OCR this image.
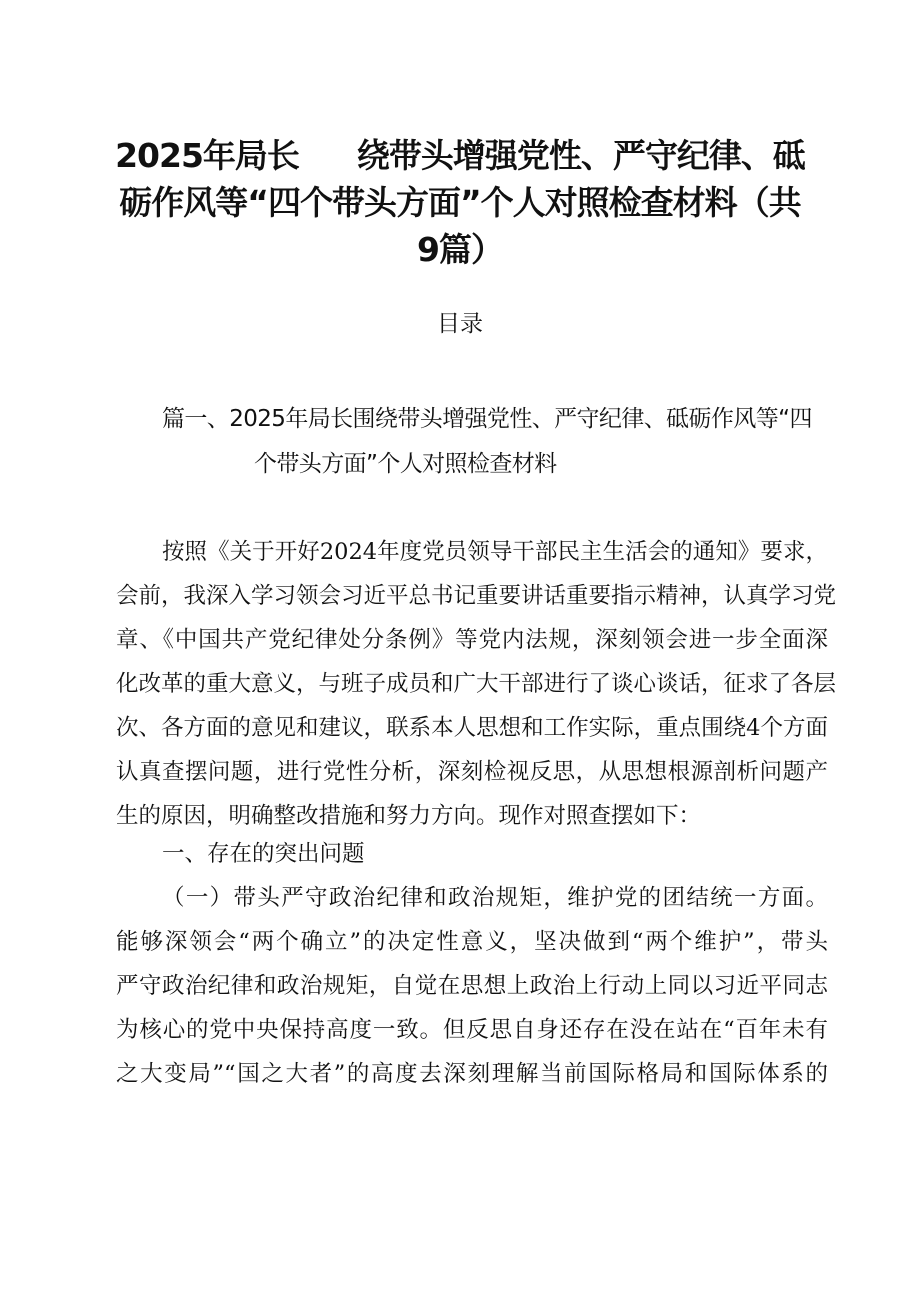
2025年局长 绕带头增强党性、严守纪律、砥
砺作风等“四个带头方面”个人对照检查材料（共
9篇）
目录
篇一、2025年局长围绕带头增强党性、严守纪律、砥砺作风等“四
个带头方面”个人对照检查材料
按照《关于开好2024年度党员领导干部民主生活会的通知》要求，
会前，我深入学习领会习近平总书记重要讲话重要指示精神，认真学习党
章、《中国共产党纪律处分条例》等党内法规，深刻领会进一步全面深
化改革的重大意义，与班子成员和广大干部进行了谈心谈话，征求了各层
次、各方面的意见和建议，联系本人思想和工作实际，重点围绕4个方面
认真查摆问题，进行党性分析，深刻检视反思，从思想根源剖析问题产
生的原因，明确整改措施和努力方向。现作对照查摆如下：
一、存在的突出问题
（一）带头严守政治纪律和政治规矩，维护党的团结统一方面。
能够深领会“两个确立”的决定性意义，坚决做到“两个维护”，带头
严守政治纪律和政治规矩，自觉在思想上政治上行动上同以习近平同志
为核心的党中央保持高度一致。但反思自身还存在没在站在“百年未有
之大变局”“国之大者”的高度去深刻理解当前国际格局和国际体系的
